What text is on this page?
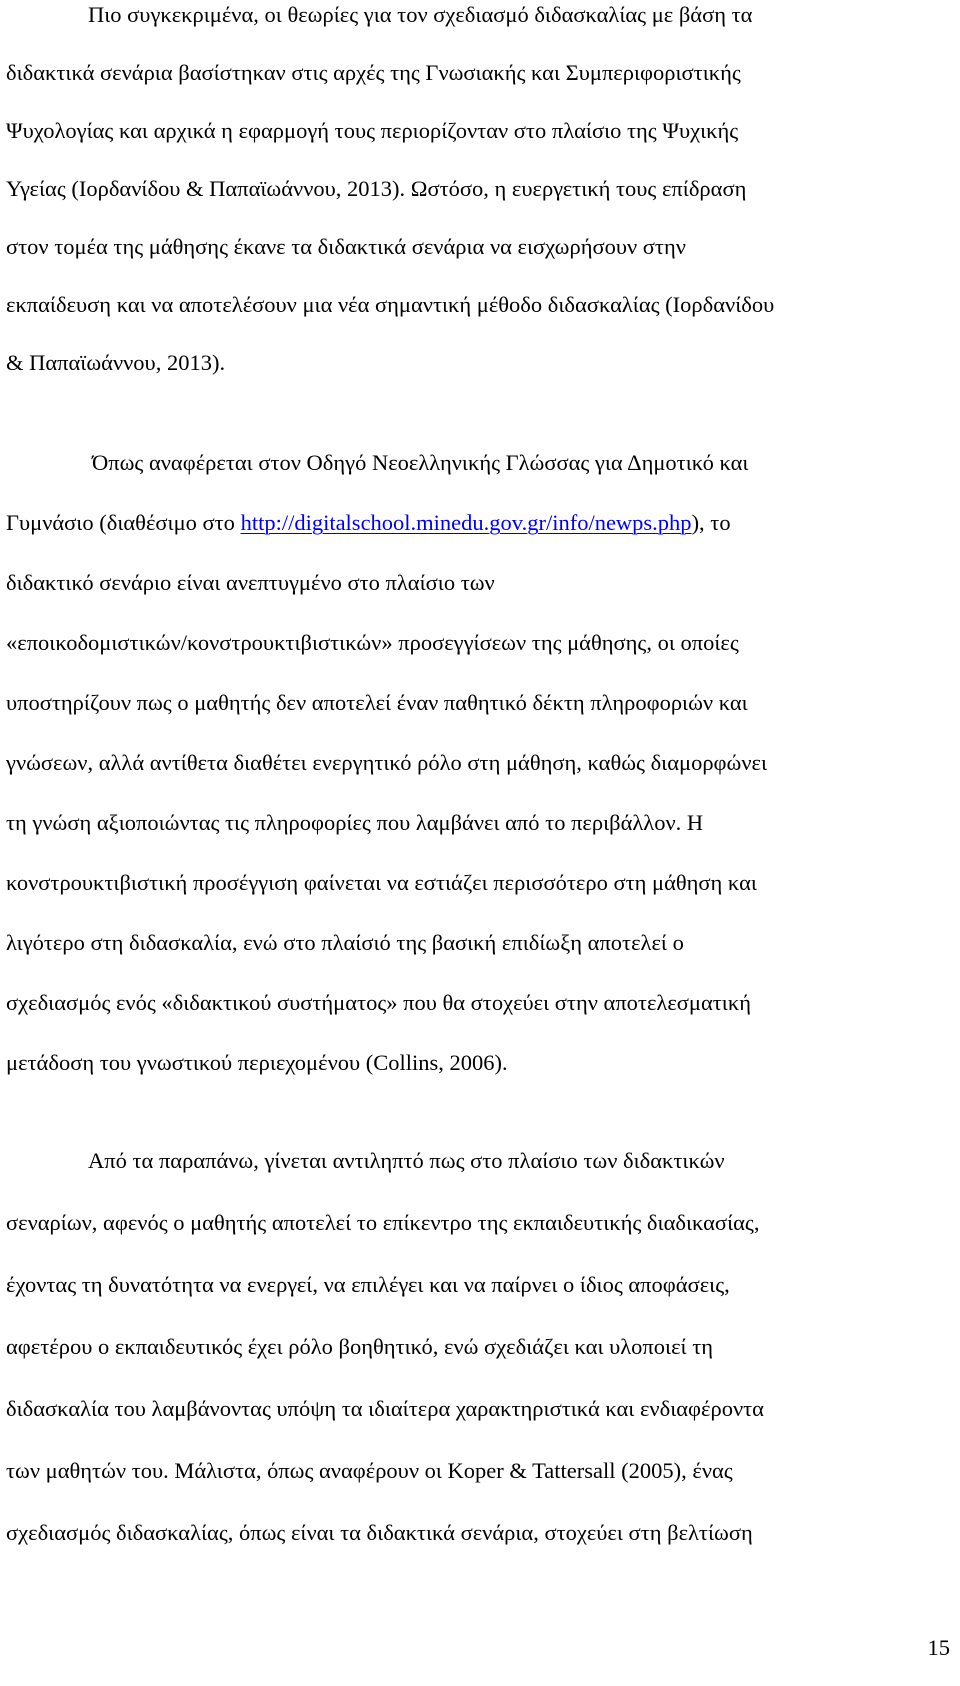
Πιο συγκεκριμένα, οι θεωρίες για τον σχεδιασμό διδασκαλίας με βάση τα
διδακτικά σενάρια βασίστηκαν στις αρχές της Γνωσιακής και Συμπεριφοριστικής
Ψυχολογίας και αρχικά η εφαρμογή τους περιορίζονταν στο πλαίσιο της Ψυχικής
Υγείας (Ιορδανίδου & Παπαϊωάννου, 2013). Ωστόσο, η ευεργετική τους επίδραση
στον τομέα της μάθησης έκανε τα διδακτικά σενάρια να εισχωρήσουν στην
εκπαίδευση και να αποτελέσουν μια νέα σημαντική μέθοδο διδασκαλίας (Ιορδανίδου
& Παπαϊωάννου, 2013).
Όπως αναφέρεται στον Οδηγό Νεοελληνικής Γλώσσας για Δημοτικό και
Γυμνάσιο (διαθέσιμο στο http://digitalschool.minedu.gov.gr/info/newps.php), το
διδακτικό σενάριο είναι ανεπτυγμένο στο πλαίσιο των
«εποικοδομιστικών/κονστρουκτιβιστικών» προσεγγίσεων της μάθησης, οι οποίες
υποστηρίζουν πως ο μαθητής δεν αποτελεί έναν παθητικό δέκτη πληροφοριών και
γνώσεων, αλλά αντίθετα διαθέτει ενεργητικό ρόλο στη μάθηση, καθώς διαμορφώνει
τη γνώση αξιοποιώντας τις πληροφορίες που λαμβάνει από το περιβάλλον. Η
κονστρουκτιβιστική προσέγγιση φαίνεται να εστιάζει περισσότερο στη μάθηση και
λιγότερο στη διδασκαλία, ενώ στο πλαίσιό της βασική επιδίωξη αποτελεί ο
σχεδιασμός ενός «διδακτικού συστήματος» που θα στοχεύει στην αποτελεσματική
μετάδοση του γνωστικού περιεχομένου (Collins, 2006).
Από τα παραπάνω, γίνεται αντιληπτό πως στο πλαίσιο των διδακτικών
σεναρίων, αφενός ο μαθητής αποτελεί το επίκεντρο της εκπαιδευτικής διαδικασίας,
έχοντας τη δυνατότητα να ενεργεί, να επιλέγει και να παίρνει ο ίδιος αποφάσεις,
αφετέρου ο εκπαιδευτικός έχει ρόλο βοηθητικό, ενώ σχεδιάζει και υλοποιεί τη
διδασκαλία του λαμβάνοντας υπόψη τα ιδιαίτερα χαρακτηριστικά και ενδιαφέροντα
των μαθητών του. Μάλιστα, όπως αναφέρουν οι Koper & Tattersall (2005), ένας
σχεδιασμός διδασκαλίας, όπως είναι τα διδακτικά σενάρια, στοχεύει στη βελτίωση
15
